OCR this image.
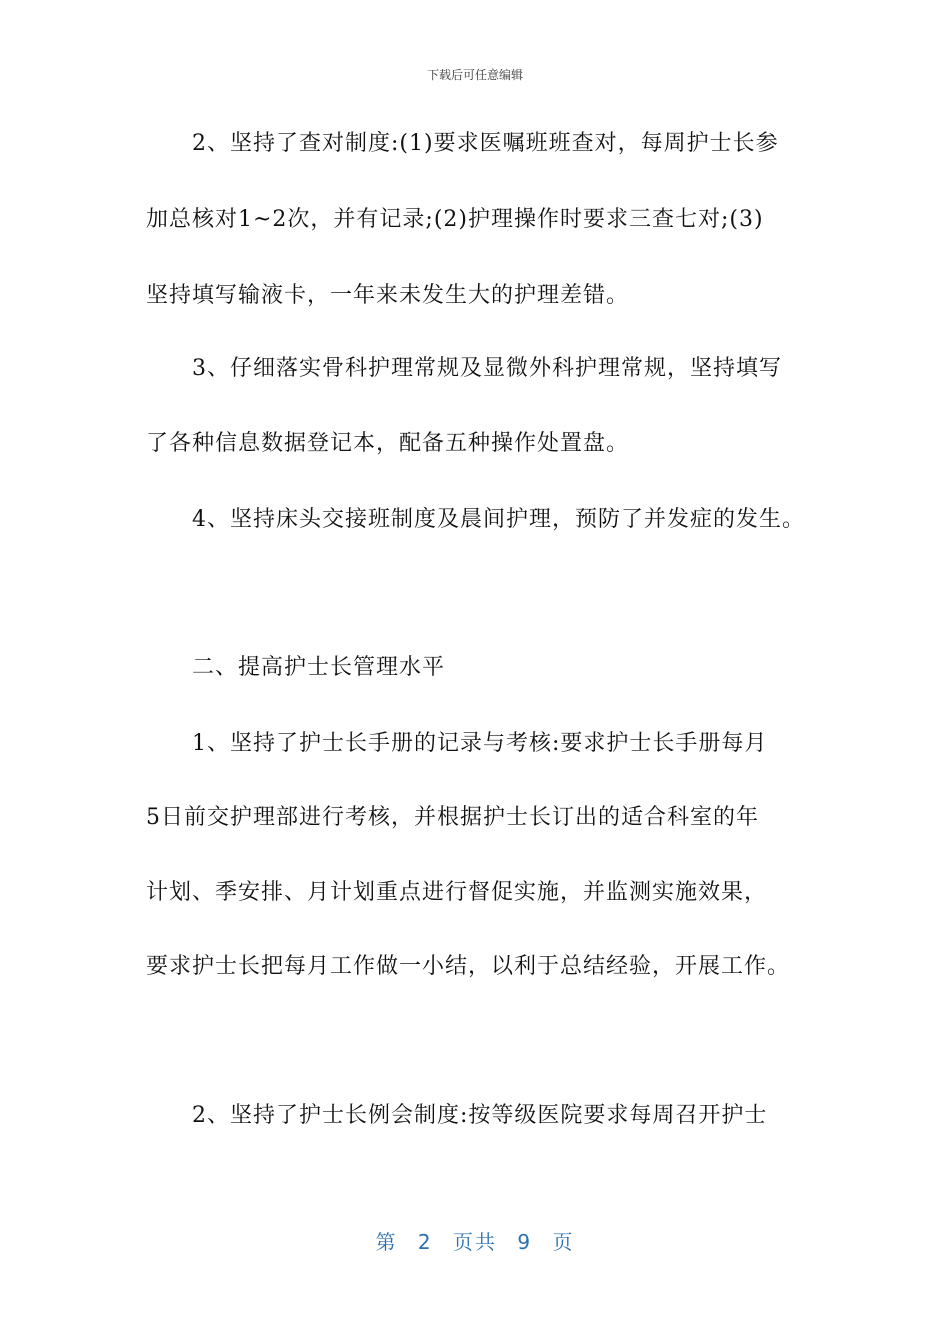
下载后可任意编辑
2、坚持了查对制度:(1)要求医嘱班班查对，每周护士长参
加总核对1~2次，并有记录;(2)护理操作时要求三查七对;(3)
坚持填写输液卡，一年来未发生大的护理差错。
3、仔细落实骨科护理常规及显微外科护理常规，坚持填写
了各种信息数据登记本，配备五种操作处置盘。
4、坚持床头交接班制度及晨间护理，预防了并发症的发生。
二、提高护士长管理水平
1、坚持了护士长手册的记录与考核:要求护士长手册每月
5日前交护理部进行考核，并根据护士长订出的适合科室的年
计划、季安排、月计划重点进行督促实施，并监测实施效果，
要求护士长把每月工作做一小结，以利于总结经验，开展工作。
2、坚持了护士长例会制度:按等级医院要求每周召开护士
第 2 页共 9 页
